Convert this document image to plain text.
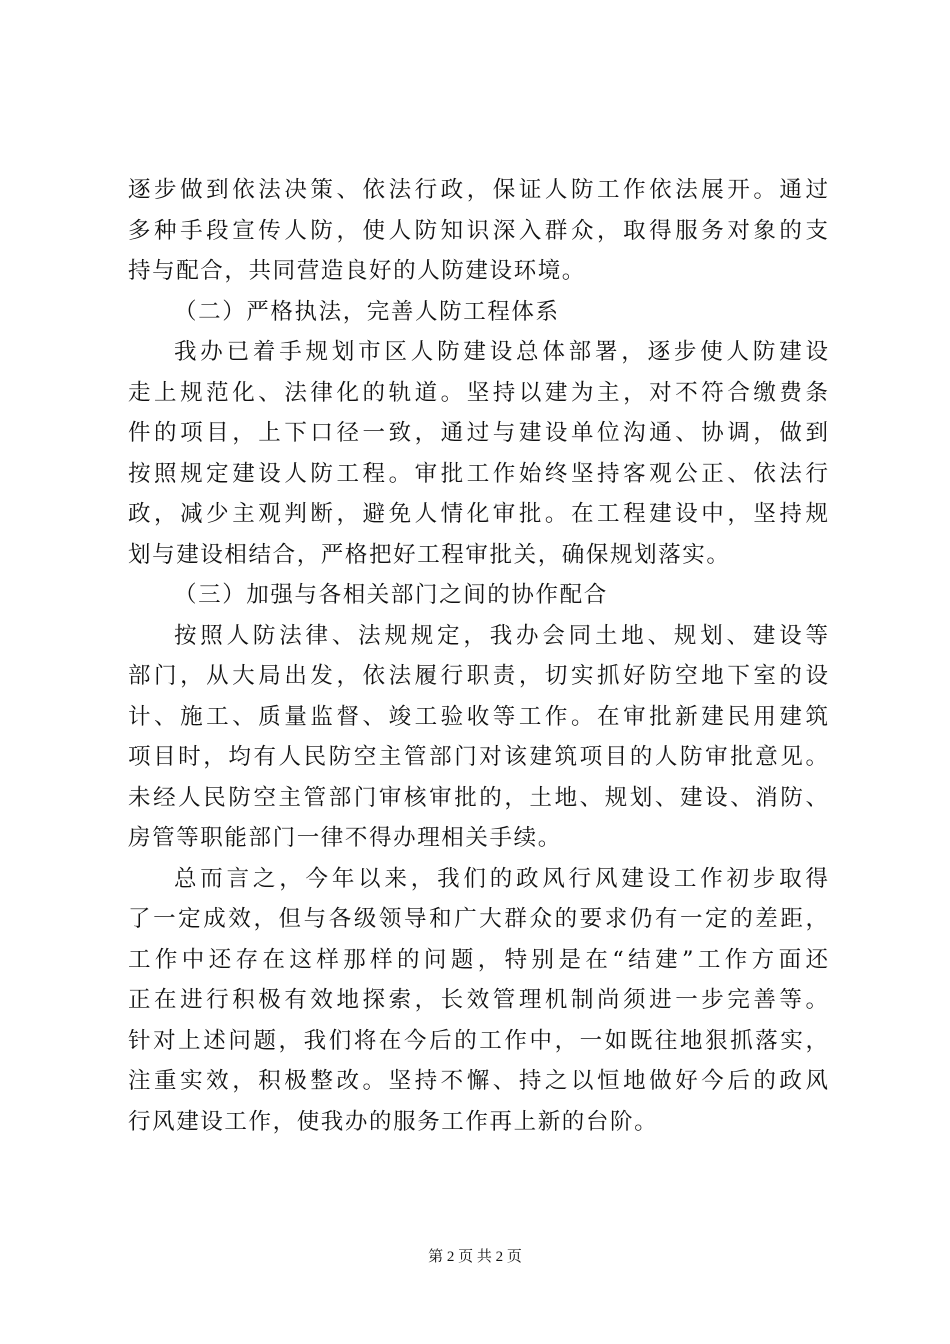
逐步做到依法决策、依法行政，保证人防工作依法展开。通过
多种手段宣传人防，使人防知识深入群众，取得服务对象的支
持与配合，共同营造良好的人防建设环境。
（二）严格执法，完善人防工程体系
我办已着手规划市区人防建设总体部署，逐步使人防建设
走上规范化、法律化的轨道。坚持以建为主，对不符合缴费条
件的项目，上下口径一致，通过与建设单位沟通、协调，做到
按照规定建设人防工程。审批工作始终坚持客观公正、依法行
政，减少主观判断，避免人情化审批。在工程建设中，坚持规
划与建设相结合，严格把好工程审批关，确保规划落实。
（三）加强与各相关部门之间的协作配合
按照人防法律、法规规定，我办会同土地、规划、建设等
部门，从大局出发，依法履行职责，切实抓好防空地下室的设
计、施工、质量监督、竣工验收等工作。在审批新建民用建筑
项目时，均有人民防空主管部门对该建筑项目的人防审批意见。
未经人民防空主管部门审核审批的，土地、规划、建设、消防、
房管等职能部门一律不得办理相关手续。
总而言之，今年以来，我们的政风行风建设工作初步取得
了一定成效，但与各级领导和广大群众的要求仍有一定的差距，
工作中还存在这样那样的问题，特别是在“结建”工作方面还
正在进行积极有效地探索，长效管理机制尚须进一步完善等。
针对上述问题，我们将在今后的工作中，一如既往地狠抓落实，
注重实效，积极整改。坚持不懈、持之以恒地做好今后的政风
行风建设工作，使我办的服务工作再上新的台阶。
第 2 页 共 2 页
